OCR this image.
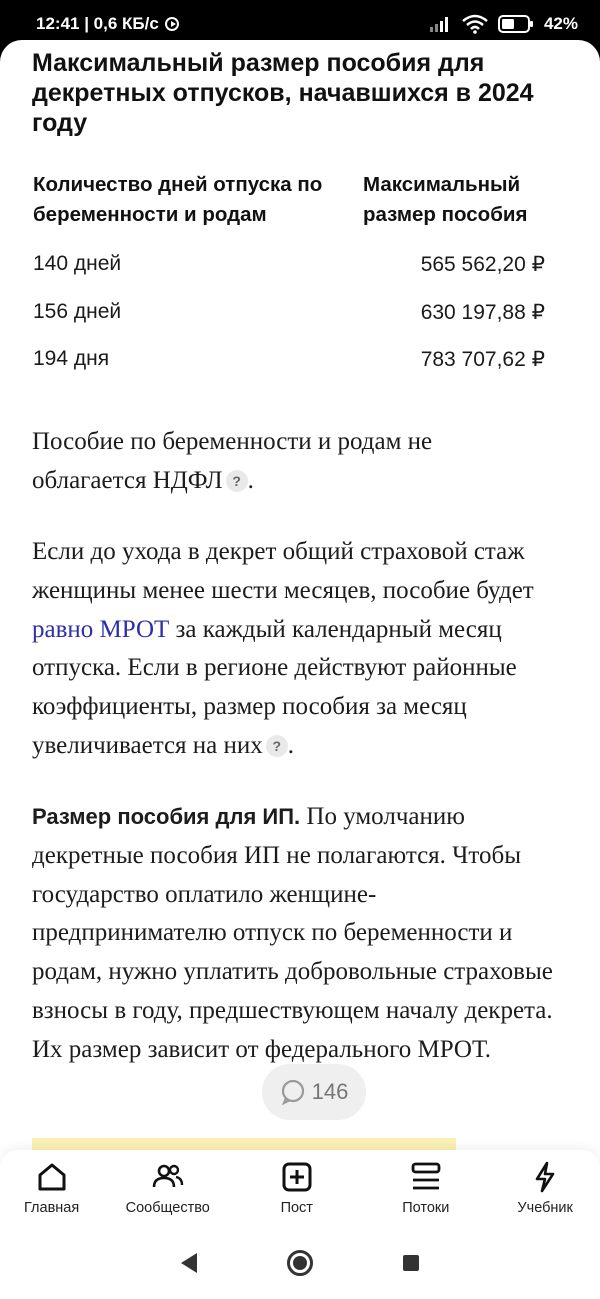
12:41 | 0,6 КБ/с	42%
Максимальный размер пособия для декретных отпусков, начавшихся в 2024 году
Количество дней отпуска по беременности и родам
Максимальный размер пособия
140 дней	565 562,20 ₽
156 дней	630 197,88 ₽
194 дня	783 707,62 ₽

Пособие по беременности и родам не облагается НДФЛ ? .

Если до ухода в декрет общий страховой стаж женщины менее шести месяцев, пособие будет равно МРОТ за каждый календарный месяц отпуска. Если в регионе действуют районные коэффициенты, размер пособия за месяц увеличивается на них ? .

Размер пособия для ИП. По умолчанию декретные пособия ИП не полагаются. Чтобы государство оплатило женщине-предпринимателю отпуск по беременности и родам, нужно уплатить добровольные страховые взносы в году, предшествующем началу декрета. Их размер зависит от федерального МРОТ.

146
Главная	Сообщество	Пост	Потоки	Учебник
